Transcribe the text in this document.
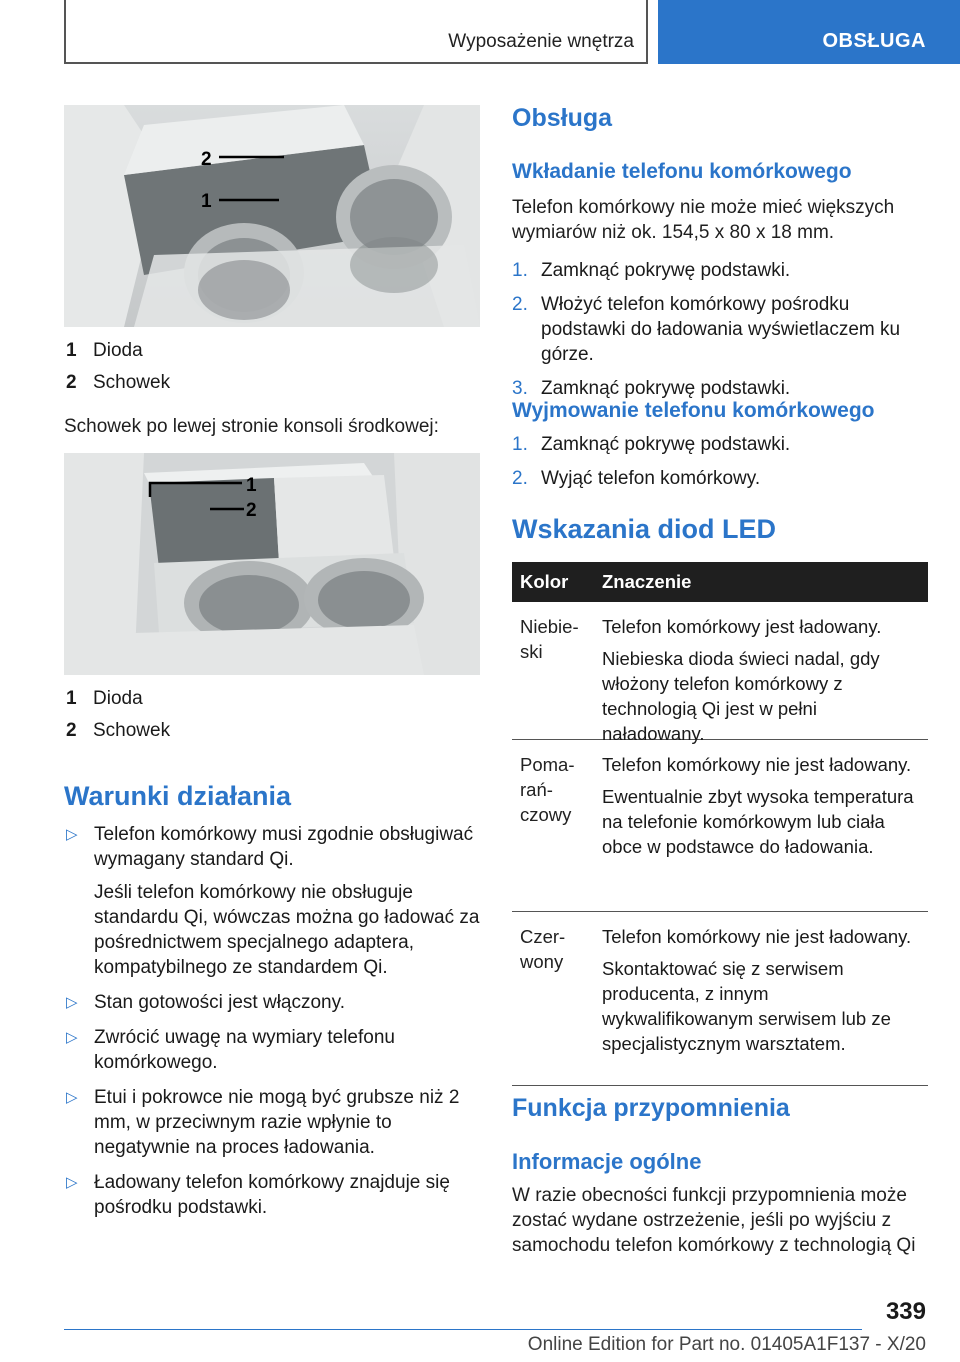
Wyposażenie wnętrza	OBSŁUGA
2
1
1 Dioda
2 Schowek
Schowek po lewej stronie konsoli środkowej:
1
2
1 Dioda
2 Schowek
Warunki działania
▷ Telefon komórkowy musi zgodnie obsługiwać wymagany standard Qi.

Jeśli telefon komórkowy nie obsługuje standardu Qi, wówczas można go ładować za pośrednictwem specjalnego adaptera, kompatybilnego ze standardem Qi.

▷ Stan gotowości jest włączony.

▷ Zwrócić uwagę na wymiary telefonu komórkowego.

▷ Etui i pokrowce nie mogą być grubsze niż 2 mm, w przeciwnym razie wpłynie to negatywnie na proces ładowania.

▷ Ładowany telefon komórkowy znajduje się pośrodku podstawki.

Obsługa
Wkładanie telefonu komórkowego
Telefon komórkowy nie może mieć większych wymiarów niż ok. 154,5 x 80 x 18 mm.
1. Zamknąć pokrywę podstawki.
2. Włożyć telefon komórkowy pośrodku podstawki do ładowania wyświetlaczem ku górze.
3. Zamknąć pokrywę podstawki.
Wyjmowanie telefonu komórkowego
1. Zamknąć pokrywę podstawki.
2. Wyjąć telefon komórkowy.
Wskazania diod LED
Kolor	Znaczenie
Niebie-
ski

Telefon komórkowy jest ładowany.

Niebieska dioda świeci nadal, gdy włożony telefon komórkowy z technologią Qi jest w pełni naładowany.

Poma-
rań-
czowy

Telefon komórkowy nie jest ładowany.

Ewentualnie zbyt wysoka temperatura na telefonie komórkowym lub ciała obce w podstawce do ładowania.

Czer-
wony

Telefon komórkowy nie jest ładowany.

Skontaktować się z serwisem producenta, z innym wykwalifikowanym serwisem lub ze specjalistycznym warsztatem.

Funkcja przypomnienia
Informacje ogólne
W razie obecności funkcji przypomnienia może zostać wydane ostrzeżenie, jeśli po wyjściu z samochodu telefon komórkowy z technologią Qi
339
Online Edition for Part no. 01405A1F137 - X/20
